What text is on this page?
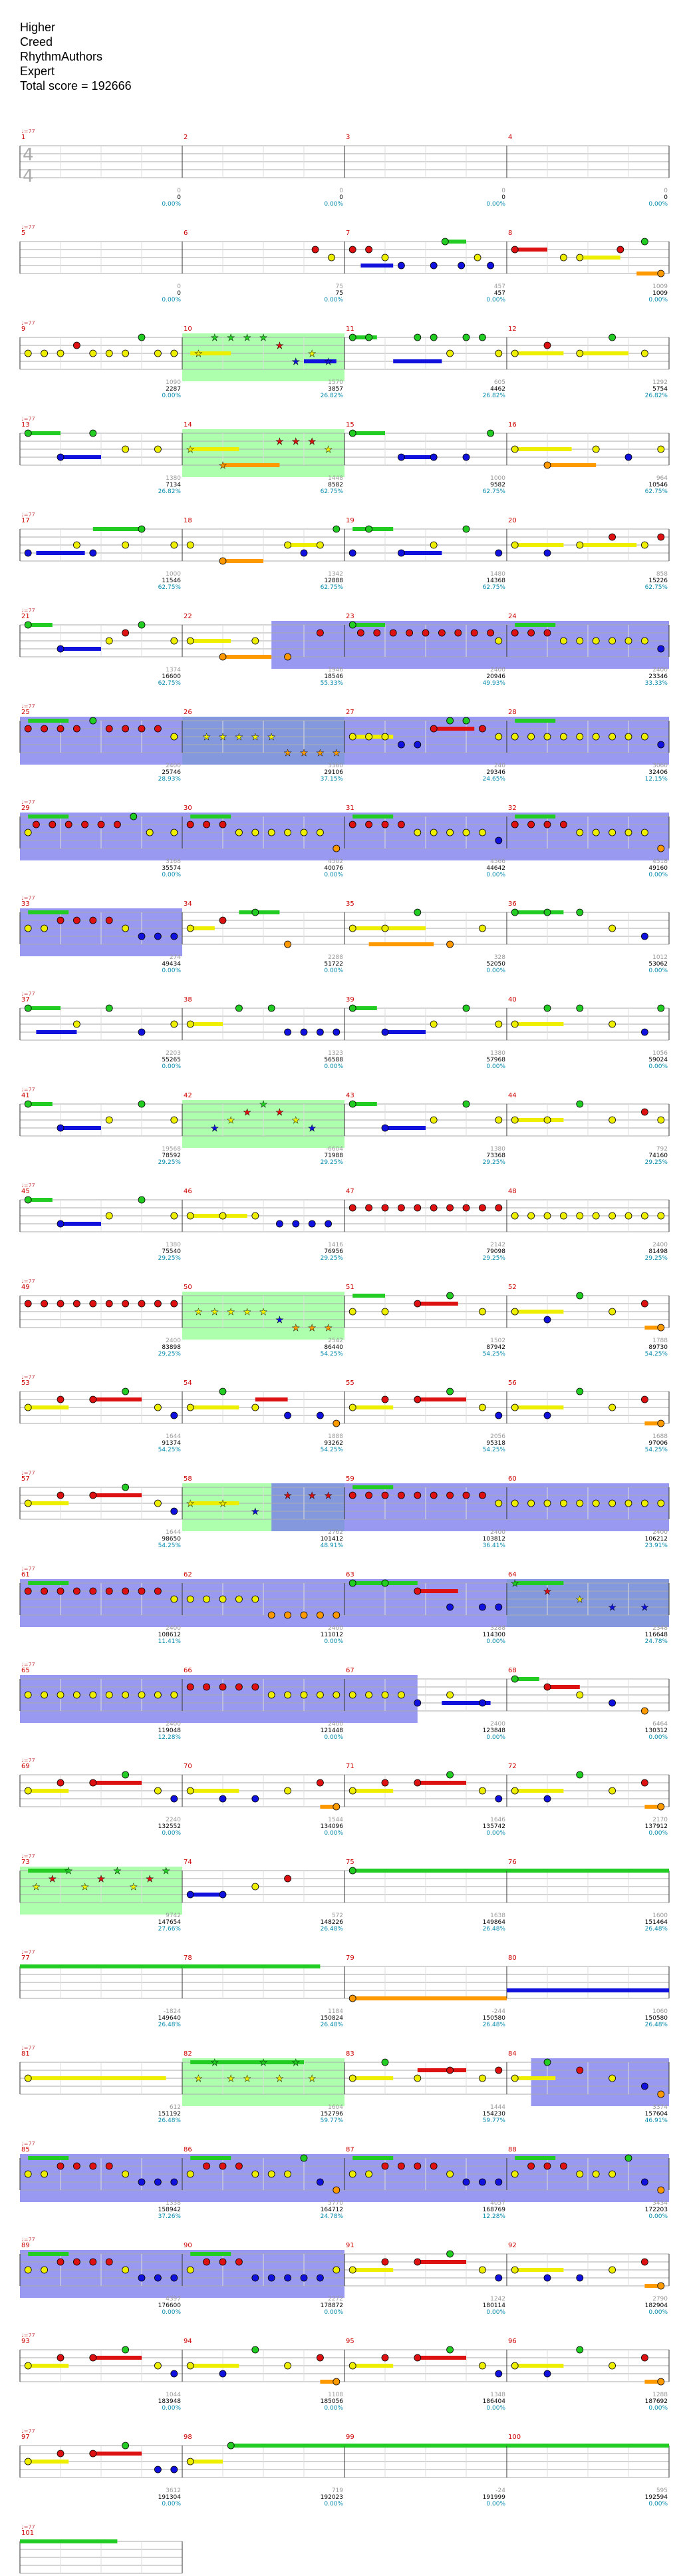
Higher
Creed
RhythmAuthors
Expert
Total score = 192666
1
♩=77
4
4
0
0
0.00%
2
0
0
0.00%
3
0
0
0.00%
4
0
0
0.00%
5
♩=77
0
0
0.00%
6
75
75
0.00%
7
457
457
0.00%
8
1009
1009
0.00%
9
♩=77
1090
2287
0.00%
10
★
★ ★ ★ ★
★
★
★
★
1570
3857
26.82%
11
605
4462
26.82%
12
1292
5754
26.82%
13
♩=77
1380
7134
26.82%
14
★
★
★ ★ ★
★
1448
8582
62.75%
15
1000
9582
62.75%
16
964
10546
62.75%
17
♩=77
1000
11546
62.75%
18
1342
12888
62.75%
19
1480
14368
62.75%
20
858
15226
62.75%
21
♩=77
1374
16600
62.75%
22
1946
18546
55.33%
23
2400
20946
49.93%
24
2400
23346
33.33%
25
♩=77
2400
25746
28.93%
26
★ ★ ★ ★ ★
★ ★ ★ ★
3360
29106
37.15%
27
240
29346
24.65%
28
3060
32406
12.15%
29
♩=77
3168
35574
0.00%
30
4502
40076
0.00%
31
4566
44642
0.00%
32
4518
49160
0.00%
33
♩=77
274
49434
0.00%
34
2288
51722
0.00%
35
328
52050
0.00%
36
1012
53062
0.00%
37
♩=77
2203
55265
0.00%
38
1323
56588
0.00%
39
1380
57968
0.00%
40
1056
59024
0.00%
41
♩=77
19568
78592
29.25%
42
★
★
★
★
★
★
★
-6604
71988
29.25%
43
1380
73368
29.25%
44
792
74160
29.25%
45
♩=77
1380
75540
29.25%
46
1416
76956
29.25%
47
2142
79098
29.25%
48
2400
81498
29.25%
49
♩=77
2400
83898
29.25%
50
★ ★ ★ ★ ★
★
★ ★ ★
2542
86440
54.25%
51
1502
87942
54.25%
52
1788
89730
54.25%
53
♩=77
1644
91374
54.25%
54
1888
93262
54.25%
55
2056
95318
54.25%
56
1688
97006
54.25%
57
♩=77
1644
98650
54.25%
58
★	★
★
★ ★ ★
2762
101412
48.91%
59
2400
103812
36.41%
60
2400
106212
23.91%
61
♩=77
2400
108612
11.41%
62
2400
111012
0.00%
63
3288
114300
0.00%
64
★
★
★
★	★
2348
116648
24.78%
65
♩=77
2400
119048
12.28%
66
2400
121448
0.00%
67
2400
123848
0.00%
68
6464
130312
0.00%
69
♩=77
2240
132552
0.00%
70
1544
134096
0.00%
71
1646
135742
0.00%
72
2170
137912
0.00%
73
♩=77
★
★
★
★
★
★
★
★
★
9742
147654
27.66%
74
572
148226
26.48%
75
1638
149864
26.48%
76
1600
151464
26.48%
77
♩=77
-1824
149640
26.48%
78
1184
150824
26.48%
79
-244
150580
26.48%
80
1060
150580
26.48%
81
♩=77
612
151192
26.48%
82
★
★
★ ★
★
★
★
★
1604
152796
59.77%
83
1444
154230
59.77%
84
3374
157604
46.91%
85
♩=77
1338
158942
37.26%
86
5770
164712
24.78%
87
4057
168769
12.28%
88
3434
172203
0.00%
89
♩=77
4397
176600
0.00%
90
2272
178872
0.00%
91
1242
180114
0.00%
92
2790
182904
0.00%
93
♩=77
1044
183948
0.00%
94
1108
185056
0.00%
95
1348
186404
0.00%
96
1288
187692
0.00%
97
♩=77
3612
191304
0.00%
98
719
192023
0.00%
99
-24
191999
0.00%
100
595
192594
0.00%
101
♩=77
